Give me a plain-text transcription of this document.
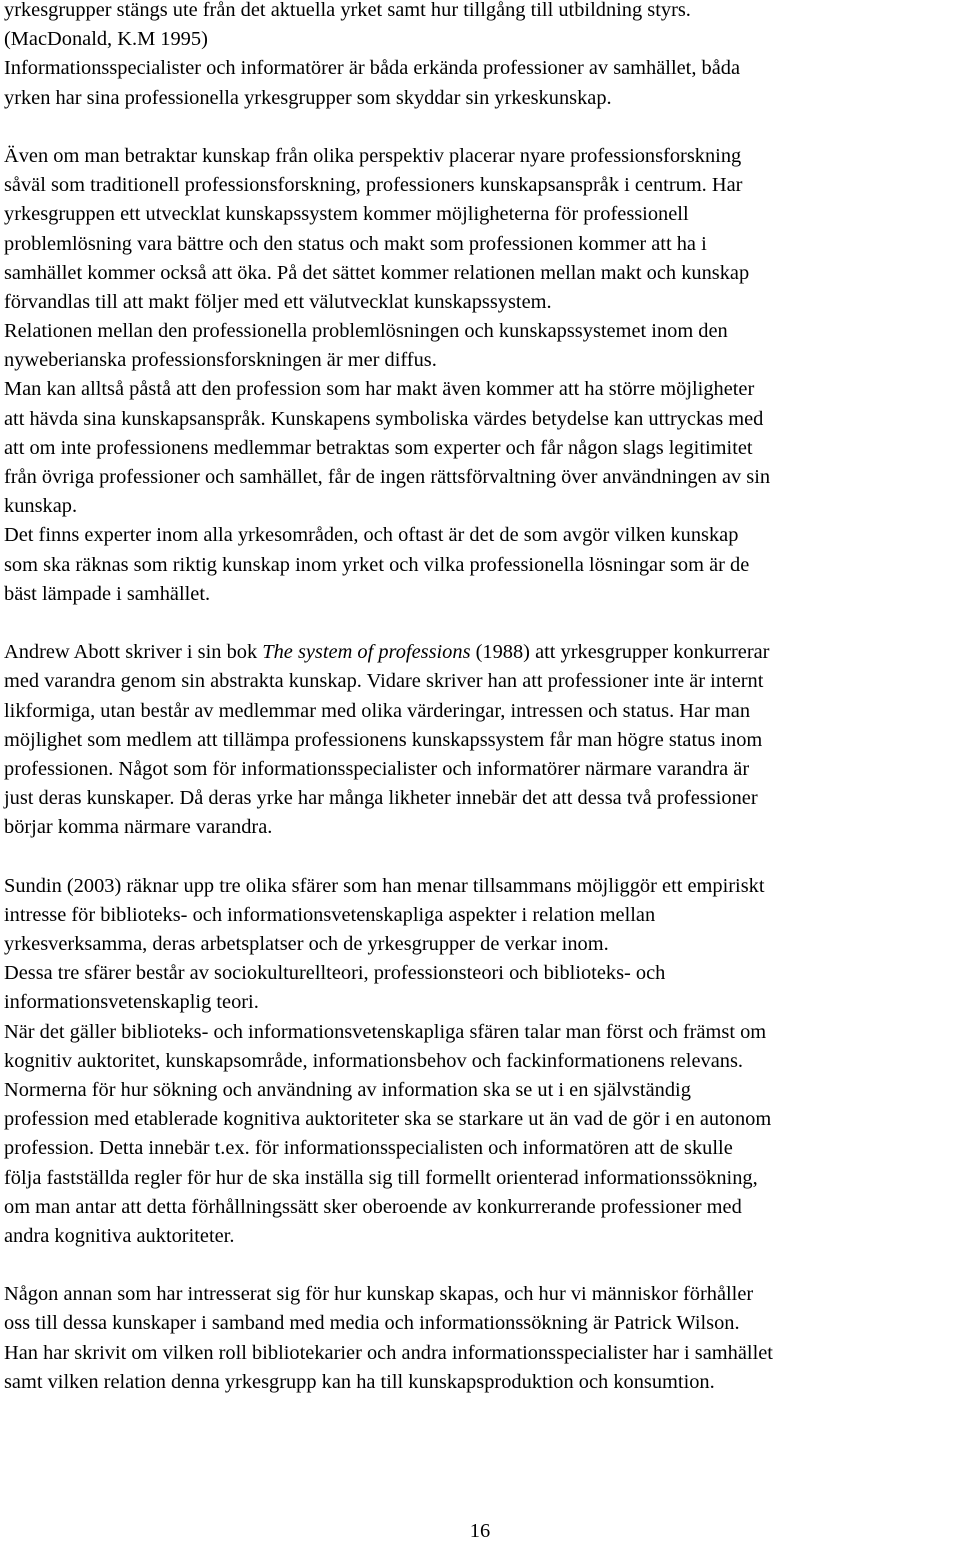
yrkesgrupper stängs ute från det aktuella yrket samt hur tillgång till utbildning styrs.
(MacDonald, K.M 1995)
Informationsspecialister och informatörer är båda erkända professioner av samhället, båda
yrken har sina professionella yrkesgrupper som skyddar sin yrkeskunskap.
Även om man betraktar kunskap från olika perspektiv placerar nyare professionsforskning
såväl som traditionell professionsforskning, professioners kunskapsanspråk i centrum. Har
yrkesgruppen ett utvecklat kunskapssystem kommer möjligheterna för professionell
problemlösning vara bättre och den status och makt som professionen kommer att ha i
samhället kommer också att öka. På det sättet kommer relationen mellan makt och kunskap
förvandlas till att makt följer med ett välutvecklat kunskapssystem.
Relationen mellan den professionella problemlösningen och kunskapssystemet inom den
nyweberianska professionsforskningen är mer diffus.
Man kan alltså påstå att den profession som har makt även kommer att ha större möjligheter
att hävda sina kunskapsanspråk. Kunskapens symboliska värdes betydelse kan uttryckas med
att om inte professionens medlemmar betraktas som experter och får någon slags legitimitet
från övriga professioner och samhället, får de ingen rättsförvaltning över användningen av sin
kunskap.
Det finns experter inom alla yrkesområden, och oftast är det de som avgör vilken kunskap
som ska räknas som riktig kunskap inom yrket och vilka professionella lösningar som är de
bäst lämpade i samhället.
Andrew Abott skriver i sin bok The system of professions (1988) att yrkesgrupper konkurrerar
med varandra genom sin abstrakta kunskap. Vidare skriver han att professioner inte är internt
likformiga, utan består av medlemmar med olika värderingar, intressen och status. Har man
möjlighet som medlem att tillämpa professionens kunskapssystem får man högre status inom
professionen. Något som för informationsspecialister och informatörer närmare varandra är
just deras kunskaper. Då deras yrke har många likheter innebär det att dessa två professioner
börjar komma närmare varandra.
Sundin (2003) räknar upp tre olika sfärer som han menar tillsammans möjliggör ett empiriskt
intresse för biblioteks- och informationsvetenskapliga aspekter i relation mellan
yrkesverksamma, deras arbetsplatser och de yrkesgrupper de verkar inom.
Dessa tre sfärer består av sociokulturellteori, professionsteori och biblioteks- och
informationsvetenskaplig teori.
När det gäller biblioteks- och informationsvetenskapliga sfären talar man först och främst om
kognitiv auktoritet, kunskapsområde, informationsbehov och fackinformationens relevans.
Normerna för hur sökning och användning av information ska se ut i en självständig
profession med etablerade kognitiva auktoriteter ska se starkare ut än vad de gör i en autonom
profession. Detta innebär t.ex. för informationsspecialisten och informatören att de skulle
följa fastställda regler för hur de ska inställa sig till formellt orienterad informationssökning,
om man antar att detta förhållningssätt sker oberoende av konkurrerande professioner med
andra kognitiva auktoriteter.
Någon annan som har intresserat sig för hur kunskap skapas, och hur vi människor förhåller
oss till dessa kunskaper i samband med media och informationssökning är Patrick Wilson.
Han har skrivit om vilken roll bibliotekarier och andra informationsspecialister har i samhället
samt vilken relation denna yrkesgrupp kan ha till kunskapsproduktion och konsumtion.
16
